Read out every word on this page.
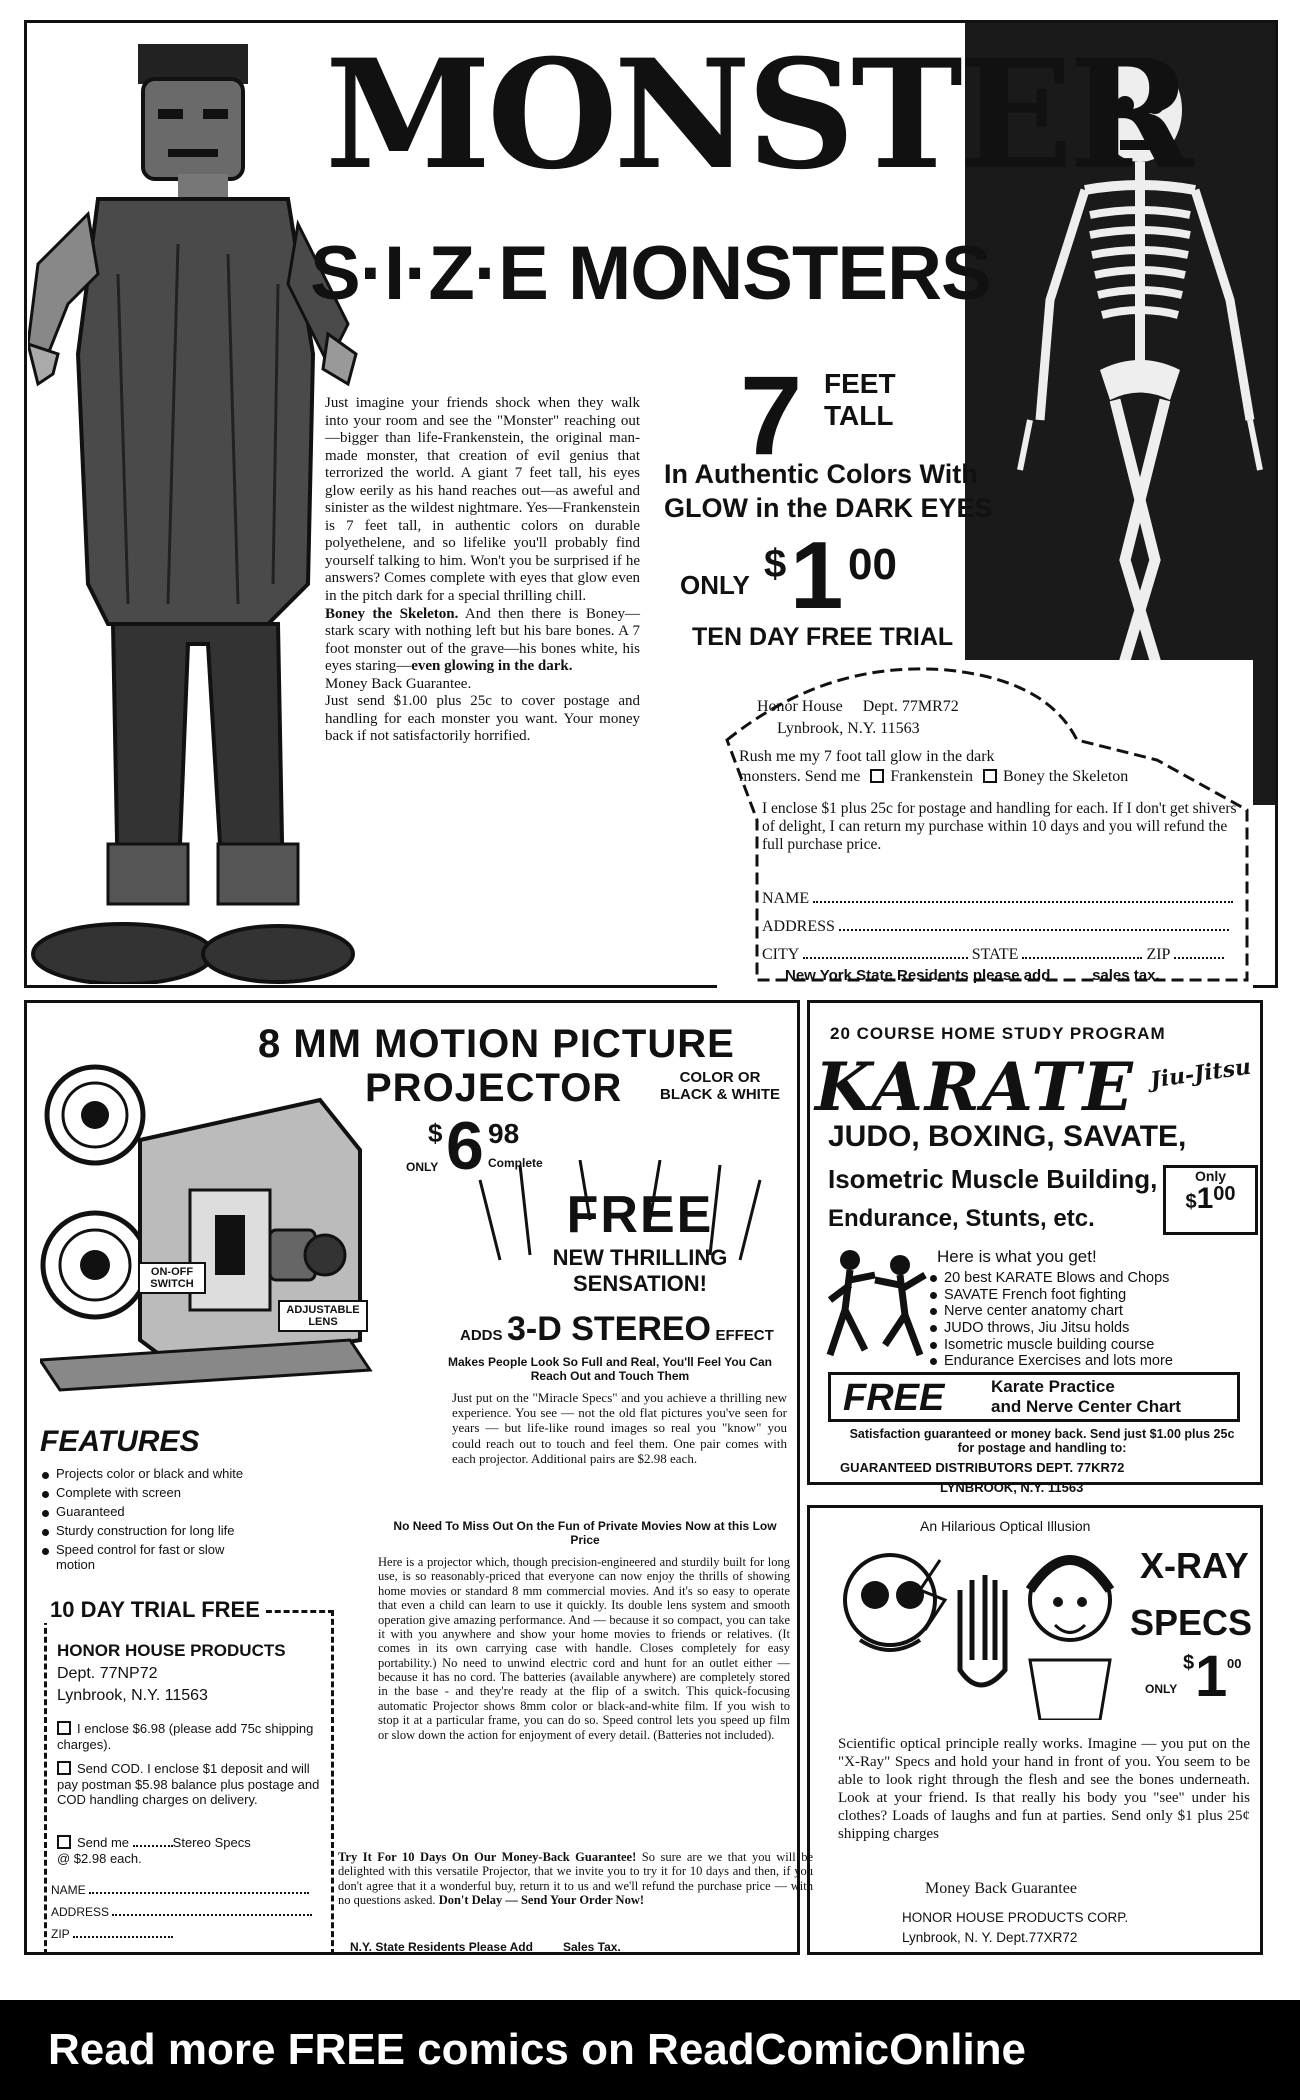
MONSTER
S·I·Z·E MONSTERS

Just imagine your friends shock when they walk into your room and see the "Monster" reaching out—bigger than life-Frankenstein, the original man-made monster, that creation of evil genius that terrorized the world. A giant 7 feet tall, his eyes glow eerily as his hand reaches out—as aweful and sinister as the wildest nightmare. Yes—Frankenstein is 7 feet tall, in authentic colors on durable polyethelene, and so lifelike you'll probably find yourself talking to him. Won't you be surprised if he answers? Comes complete with eyes that glow even in the pitch dark for a special thrilling chill.

Boney the Skeleton. And then there is Boney—stark scary with nothing left but his bare bones. A 7 foot monster out of the grave—his bones white, his eyes staring—even glowing in the dark.

Money Back Guarantee.

Just send $1.00 plus 25c to cover postage and handling for each monster you want. Your money back if not satisfactorily horrified.

7 FEET
TALL
In Authentic Colors With
GLOW in the DARK EYES
ONLY $ 1 00
TEN DAY FREE TRIAL
Honor House Dept. 77MR72
Lynbrook, N.Y. 11563
Rush me my 7 foot tall glow in the dark
monsters. Send me Frankenstein Boney the Skeleton
I enclose $1 plus 25c for postage and handling for each. If I don't get shivers of delight, I can return my purchase within 10 days and you will refund the full purchase price.
NAME
ADDRESS
CITY	STATE	ZIP
New York State Residents please add	sales tax.
8 MM MOTION PICTURE
PROJECTOR	COLOR OR
BLACK & WHITE
ONLY
$ 6 98
Complete
ON-OFF SWITCH
ADJUSTABLE LENS
FREE
NEW THRILLING
SENSATION!
ADDS 3-D STEREO EFFECT
Makes People Look So Full and Real, You'll Feel You Can Reach Out and Touch Them
Just put on the "Miracle Specs" and you achieve a thrilling new experience. You see — not the old flat pictures you've seen for years — but life-like round images so real you "know" you could reach out to touch and feel them. One pair comes with each projector. Additional pairs are $2.98 each.
FEATURES
Projects color or black and white
Complete with screen
Guaranteed
Sturdy construction for long life
Speed control for fast or slow motion
No Need To Miss Out On the Fun of Private Movies Now at this Low Price
Here is a projector which, though precision-engineered and sturdily built for long use, is so reasonably-priced that everyone can now enjoy the thrills of showing home movies or standard 8 mm commercial movies. And it's so easy to operate that even a child can learn to use it quickly. Its double lens system and smooth operation give amazing performance. And — because it so compact, you can take it with you anywhere and show your home movies to friends or relatives. (It comes in its own carrying case with handle. Closes completely for easy portability.) No need to unwind electric cord and hunt for an outlet either —because it has no cord. The batteries (available anywhere) are completely stored in the base - and they're ready at the flip of a switch. This quick-focusing automatic Projector shows 8mm color or black-and-white film. If you wish to stop it at a particular frame, you can do so. Speed control lets you speed up film or slow down the action for enjoyment of every detail. (Batteries not included).
Try It For 10 Days On Our Money-Back Guarantee! So sure are we that you will be delighted with this versatile Projector, that we invite you to try it for 10 days and then, if you don't agree that it a wonderful buy, return it to us and we'll refund the purchase price — with no questions asked. Don't Delay — Send Your Order Now!
N.Y. State Residents Please Add	Sales Tax.
10 DAY TRIAL FREE
HONOR HOUSE PRODUCTS
Dept. 77NP72
Lynbrook, N.Y. 11563
I enclose $6.98 (please add 75c shipping charges).
Send COD. I enclose $1 deposit and will pay postman $5.98 balance plus postage and COD handling charges on delivery.
Send me	Stereo Specs
@ $2.98 each.
NAME
ADDRESS
ZIP
20 COURSE HOME STUDY PROGRAM
KARATE Jiu-Jitsu
JUDO, BOXING, SAVATE,
Isometric Muscle Building,
Endurance, Stunts, etc.
Only
$\$1^{00}$
Here is what you get!
20 best KARATE Blows and Chops
SAVATE French foot fighting
Nerve center anatomy chart
JUDO throws, Jiu Jitsu holds
Isometric muscle building course
Endurance Exercises and lots more
FREE	Karate Practice
and Nerve Center Chart
Satisfaction guaranteed or money back. Send just $1.00 plus 25c for postage and handling to:
GUARANTEED DISTRIBUTORS DEPT. 77KR72
LYNBROOK, N.Y. 11563
An Hilarious Optical Illusion
X-RAY
SPECS
ONLY
$ 1 00
Scientific optical principle really works. Imagine — you put on the "X-Ray" Specs and hold your hand in front of you. You seem to be able to look right through the flesh and see the bones underneath. Look at your friend. Is that really his body you "see" under his clothes? Loads of laughs and fun at parties. Send only $1 plus 25¢ shipping charges
Money Back Guarantee
HONOR HOUSE PRODUCTS CORP.
Lynbrook, N. Y. Dept.77XR72
Read more FREE comics on ReadComicOnline
